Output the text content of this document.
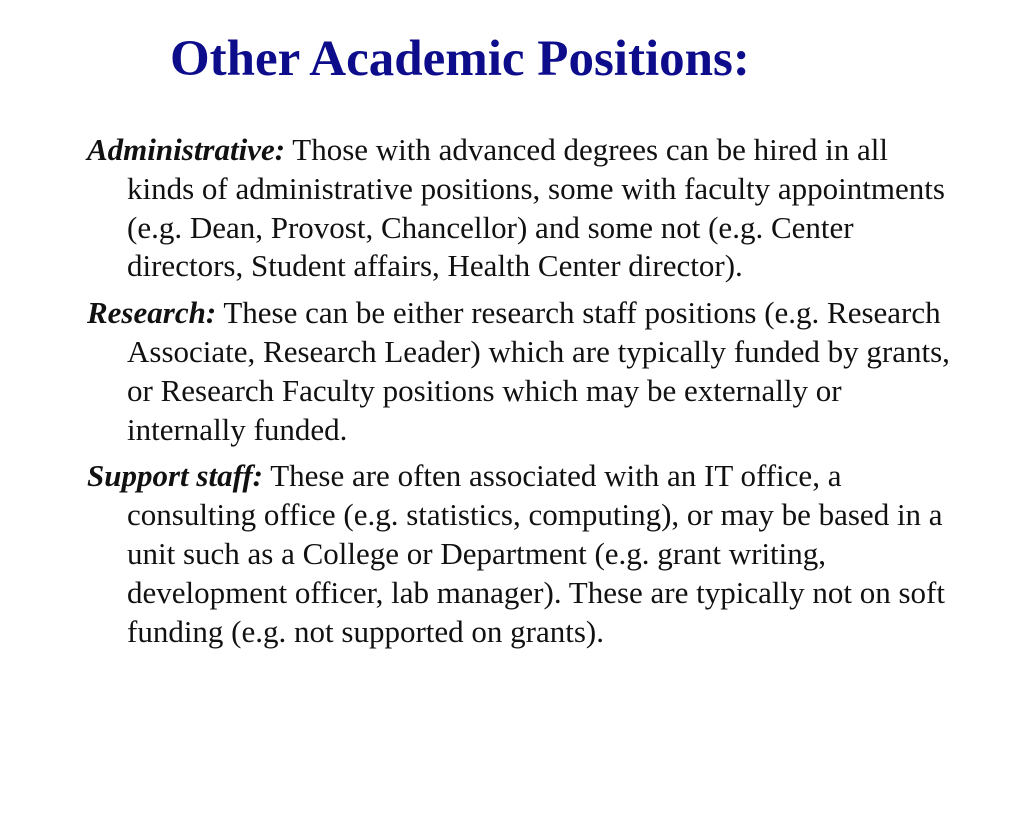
Other Academic Positions:
Administrative: Those with advanced degrees can be hired in all kinds of administrative positions, some with faculty appointments (e.g. Dean, Provost, Chancellor) and some not (e.g. Center directors, Student affairs, Health Center director).
Research: These can be either research staff positions (e.g. Research Associate, Research Leader) which are typically funded by grants, or Research Faculty positions which may be externally or internally funded.
Support staff: These are often associated with an IT office, a consulting office (e.g. statistics, computing), or may be based in a unit such as a College or Department (e.g. grant writing, development officer, lab manager). These are typically not on soft funding (e.g. not supported on grants).
